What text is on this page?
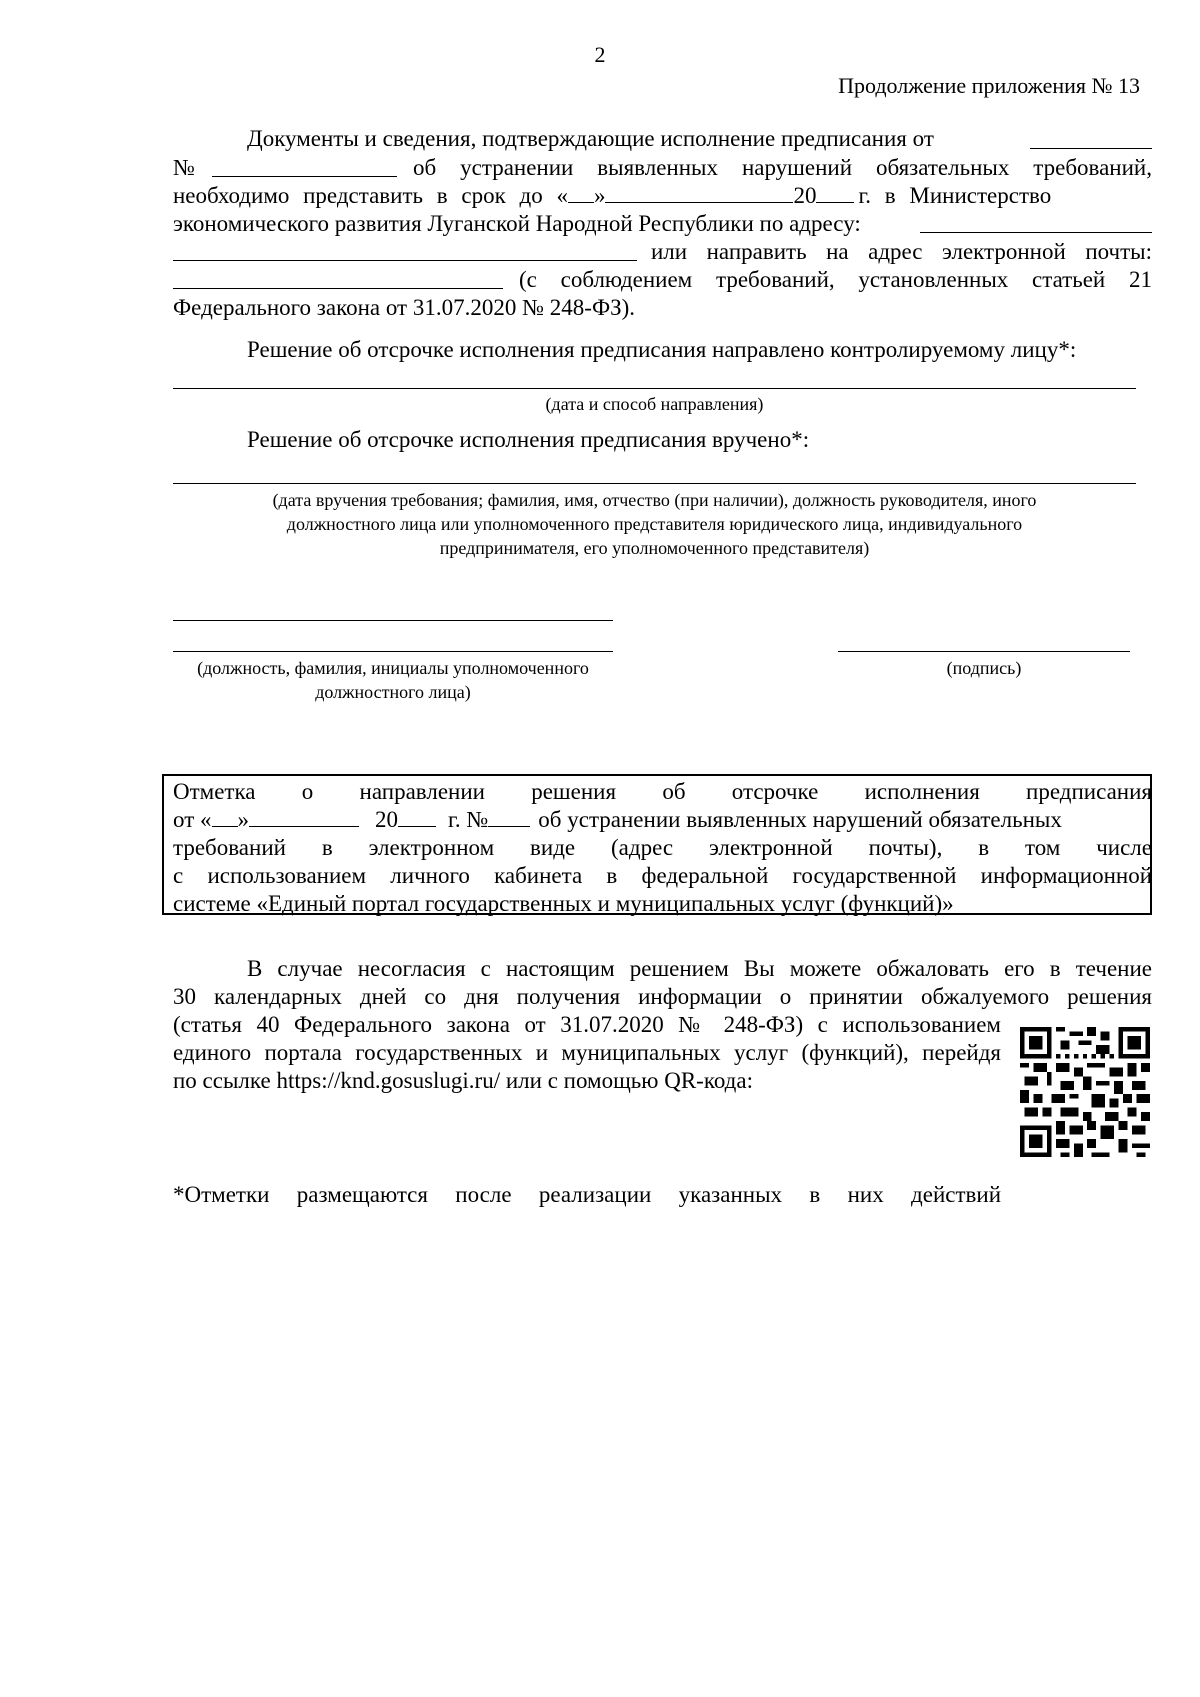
2
Продолжение приложения № 13
Документы и сведения, подтверждающие исполнение предписания от
№	об устранении выявленных нарушений обязательных требований,
необходимо представить в срок до « »	20 г. в Министерство
экономического развития Луганской Народной Республики по адресу:
или направить на адрес электронной почты:
(с соблюдением требований, установленных статьей 21
Федерального закона от 31.07.2020 № 248-ФЗ).
Решение об отсрочке исполнения предписания направлено контролируемому лицу*:
(дата и способ направления)
Решение об отсрочке исполнения предписания вручено*:
(дата вручения требования; фамилия, имя, отчество (при наличии), должность руководителя, иного
должностного лица или уполномоченного представителя юридического лица, индивидуального
предпринимателя, его уполномоченного представителя)
(должность, фамилия, инициалы уполномоченного
должностного лица)
(подпись)
Отметка о направлении решения об отсрочке исполнения предписания
от « »	20 г. № об устранении выявленных нарушений обязательных
требований в электронном виде (адрес электронной почты), в том числе
с использованием личного кабинета в федеральной государственной информационной
системе «Единый портал государственных и муниципальных услуг (функций)»
В случае несогласия с настоящим решением Вы можете обжаловать его в течение
30 календарных дней со дня получения информации о принятии обжалуемого решения
(статья 40 Федерального закона от 31.07.2020 № 248-ФЗ) с использованием
единого портала государственных и муниципальных услуг (функций), перейдя
по ссылке https://knd.gosuslugi.ru/ или с помощью QR-кода:
*Отметки размещаются после реализации указанных в них действий
